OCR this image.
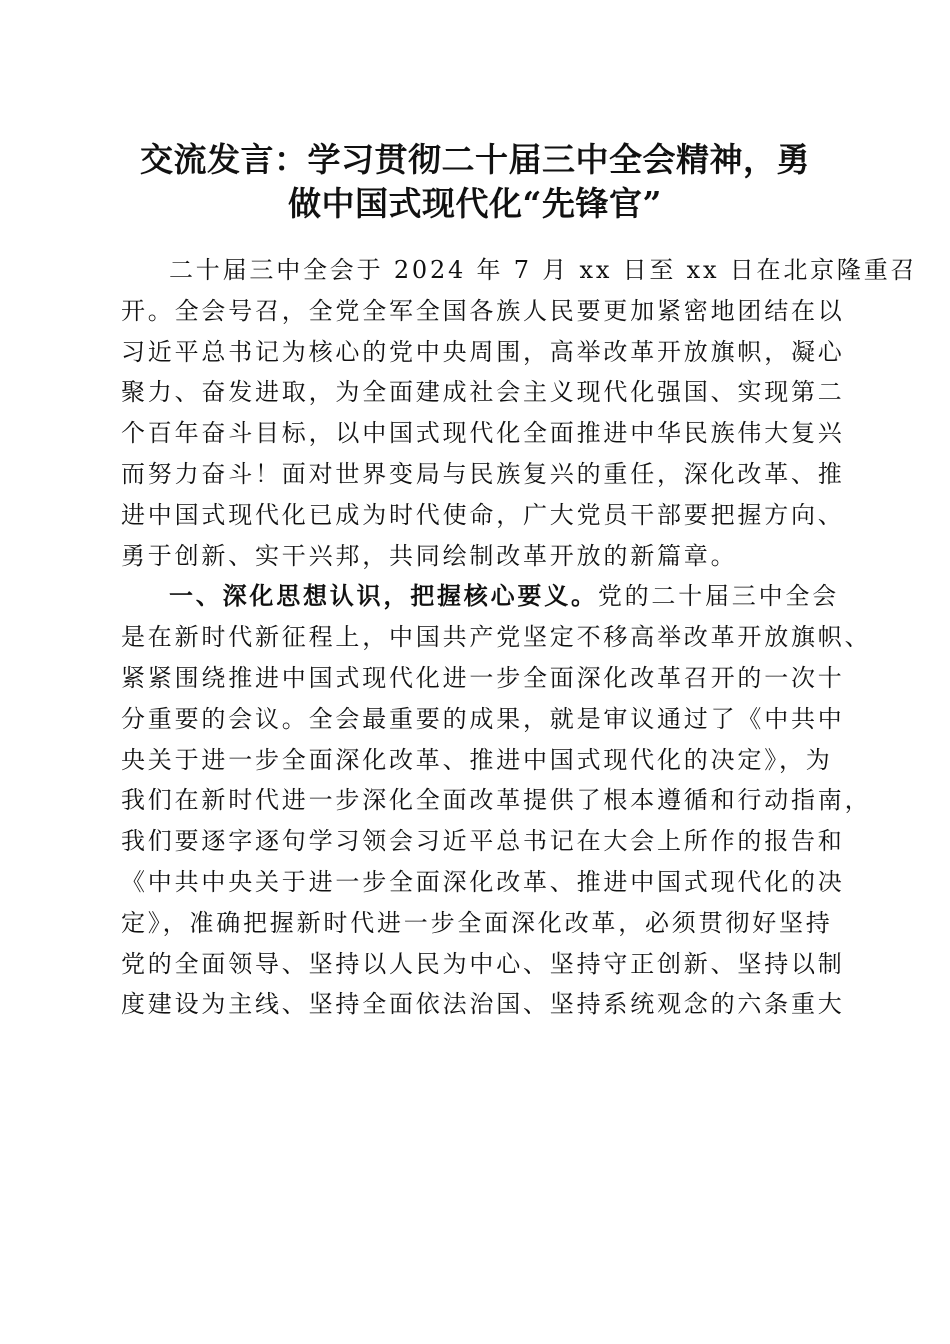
交流发言：学习贯彻二十届三中全会精神，勇
做中国式现代化“先锋官”

二十届三中全会于 2024 年 7 月 xx 日至 xx 日在北京隆重召
开。全会号召，全党全军全国各族人民要更加紧密地团结在以
习近平总书记为核心的党中央周围，高举改革开放旗帜，凝心
聚力、奋发进取，为全面建成社会主义现代化强国、实现第二
个百年奋斗目标，以中国式现代化全面推进中华民族伟大复兴
而努力奋斗！面对世界变局与民族复兴的重任，深化改革、推
进中国式现代化已成为时代使命，广大党员干部要把握方向、
勇于创新、实干兴邦，共同绘制改革开放的新篇章。

一、深化思想认识，把握核心要义。党的二十届三中全会
是在新时代新征程上，中国共产党坚定不移高举改革开放旗帜、
紧紧围绕推进中国式现代化进一步全面深化改革召开的一次十
分重要的会议。全会最重要的成果，就是审议通过了《中共中
央关于进一步全面深化改革、推进中国式现代化的决定》，为
我们在新时代进一步深化全面改革提供了根本遵循和行动指南，
我们要逐字逐句学习领会习近平总书记在大会上所作的报告和
《中共中央关于进一步全面深化改革、推进中国式现代化的决
定》，准确把握新时代进一步全面深化改革，必须贯彻好坚持
党的全面领导、坚持以人民为中心、坚持守正创新、坚持以制
度建设为主线、坚持全面依法治国、坚持系统观念的六条重大
